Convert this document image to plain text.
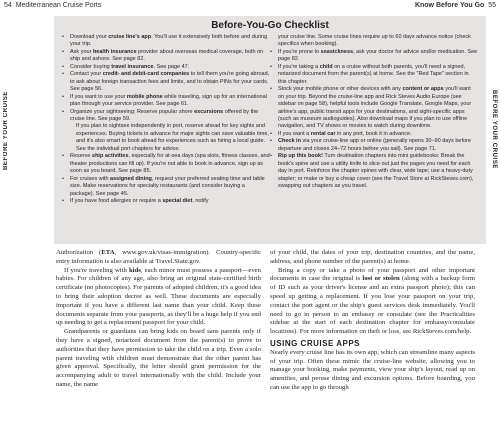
54 Mediterranean Cruise Ports	Know Before You Go 55
BEFORE YOUR CRUISE	BEFORE YOUR CRUISE
Before-You-Go Checklist
• Download your cruise line's app. You'll use it extensively both before and during your trip.
• Ask your health insurance provider about overseas medical coverage, both on ship and ashore. See page 82.
• Consider buying travel insurance. See page 47.
• Contact your credit- and debit-card companies to tell them you're going abroad, to ask about foreign transaction fees and limits, and to obtain PINs for your cards. See page 56.
• If you want to use your mobile phone while traveling, sign up for an international plan through your service provider. See page 61.
• Organize your sightseeing: Reserve popular shore excursions offered by the cruise line. See page 59.
If you plan to sightsee independently in port, reserve ahead for key sights and experiences. Buying tickets in advance for major sights can save valuable time, and it's also smart to book ahead for experiences such as hiring a local guide. See the individual port chapters for advice.
• Reserve ship activities, especially for at-sea days (spa slots, fitness classes, and theater productions can fill up). If you're not able to book in advance, sign up as soon as you board. See page 85.
• For cruises with assigned dining, request your preferred seating time and table size. Make reservations for specialty restaurants (and consider buying a package). See page 45.
• If you have food allergies or require a special diet, notify
your cruise line. Some cruise lines require up to 60 days advance notice (check specifics when booking).
• If you're prone to seasickness, ask your doctor for advice and/or medication. See page 82.
• If you're taking a child on a cruise without both parents, you'll need a signed, notarized document from the parent(s) at home. See the "Red Tape" section in this chapter.
• Stock your mobile phone or other devices with any content or apps you'll want on your trip. Beyond the cruise-line app and Rick Steves Audio Europe (see sidebar on page 58), helpful tools include Google Translate, Google Maps, your airline's app, public transit apps for your destinations, and sight-specific apps (such as museum audioguides). Also download maps if you plan to use offline navigation, and TV shows or movies to watch during downtime.
• If you want a rental car in any port, book it in advance.
• Check in via your cruise-line app or online (generally opens 30–90 days before departure and closes 24–72 hours before you sail). See page 71.
• Rip up this book! Turn destination chapters into mini guidebooks: Break the book's spine and use a utility knife to slice out just the pages you need for each day in port. Reinforce the chapter spines with clear, wide tape; use a heavy-duty stapler; or make or buy a cheap cover (see the Travel Store at RickSteves.com), swapping out chapters as you travel.

Authorization (ETA, www.gov.uk/visas-immigration). Country-specific entry information is also available at Travel.State.gov.

If you're traveling with kids, each minor must possess a passport—even babies. For children of any age, also bring an original state-certified birth certificate (no photocopies). For parents of adopted children, it's a good idea to bring their adoption decree as well. These documents are especially important if you have a different last name than your child. Keep these documents separate from your passports, as they'll be a huge help if you end up needing to get a replacement passport for your child.

Grandparents or guardians can bring kids on board sans parents only if they have a signed, notarized document from the parent(s) to prove to authorities that they have permission to take the child on a trip. Even a solo parent traveling with children must demonstrate that the other parent has given approval. Specifically, the letter should grant permission for the accompanying adult to travel internationally with the child. Include your name, the name

of your child, the dates of your trip, destination countries, and the name, address, and phone number of the parent(s) at home.

Bring a copy or take a photo of your passport and other important documents in case the original is lost or stolen (along with a backup form of ID such as your driver's license and an extra passport photo); this can speed up getting a replacement. If you lose your passport on your trip, contact the port agent or the ship's guest services desk immediately. You'll need to go in person to an embassy or consulate (see the Practicalities sidebar at the start of each destination chapter for embassy/consulate locations). For more information on theft or loss, see RickSteves.com/help.

USING CRUISE APPS

Nearly every cruise line has its own app, which can streamline many aspects of your trip. Often these mimic the cruise-line website, allowing you to manage your booking, make payments, view your ship's layout, read up on amenities, and peruse dining and excursion options. Before boarding, you can use the app to go through
